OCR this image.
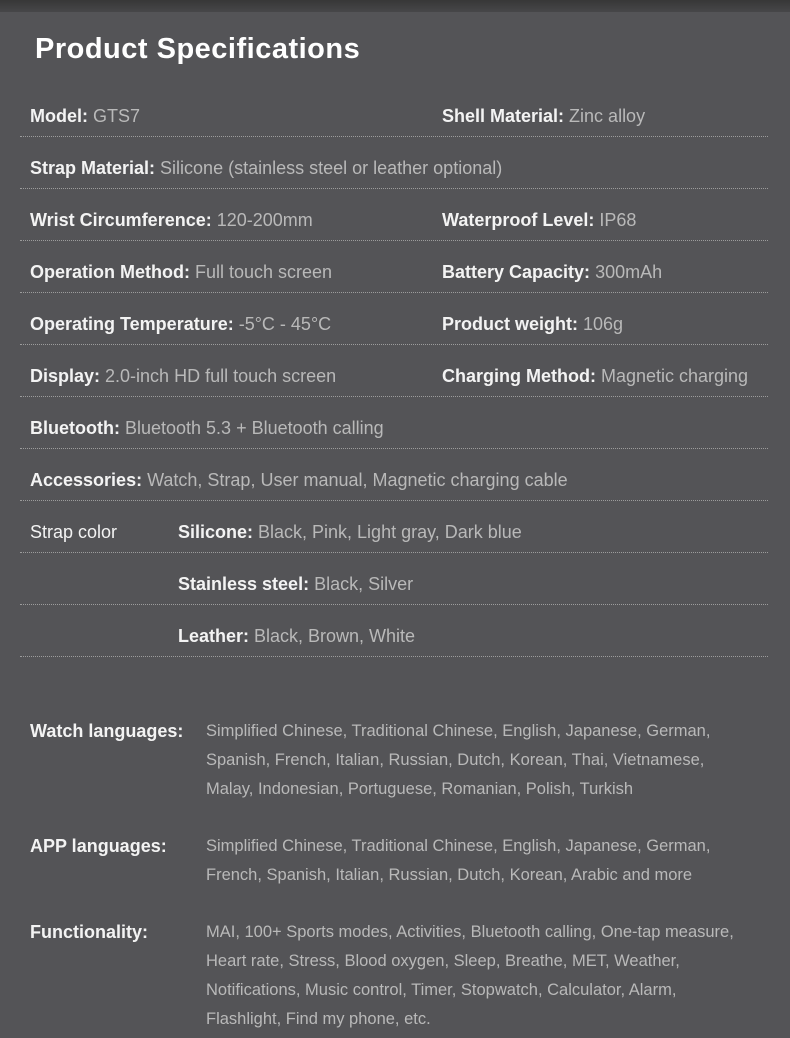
Product Specifications
Model: GTS7	Shell Material: Zinc alloy
Strap Material: Silicone (stainless steel or leather optional)
Wrist Circumference: 120-200mm	Waterproof Level: IP68
Operation Method: Full touch screen	Battery Capacity: 300mAh
Operating Temperature: -5°C - 45°C	Product weight: 106g
Display: 2.0-inch HD full touch screen	Charging Method: Magnetic charging
Bluetooth: Bluetooth 5.3 + Bluetooth calling
Accessories: Watch, Strap, User manual, Magnetic charging cable
Strap color	Silicone: Black, Pink, Light gray, Dark blue
Stainless steel: Black, Silver
Leather: Black, Brown, White
Watch languages:	Simplified Chinese, Traditional Chinese, English, Japanese, German, Spanish, French, Italian, Russian, Dutch, Korean, Thai, Vietnamese, Malay, Indonesian, Portuguese, Romanian, Polish, Turkish
APP languages:	Simplified Chinese, Traditional Chinese, English, Japanese, German, French, Spanish, Italian, Russian, Dutch, Korean, Arabic and more
Functionality:	MAI, 100+ Sports modes, Activities, Bluetooth calling, One-tap measure, Heart rate, Stress, Blood oxygen, Sleep, Breathe, MET, Weather, Notifications, Music control, Timer, Stopwatch, Calculator, Alarm, Flashlight, Find my phone, etc.
